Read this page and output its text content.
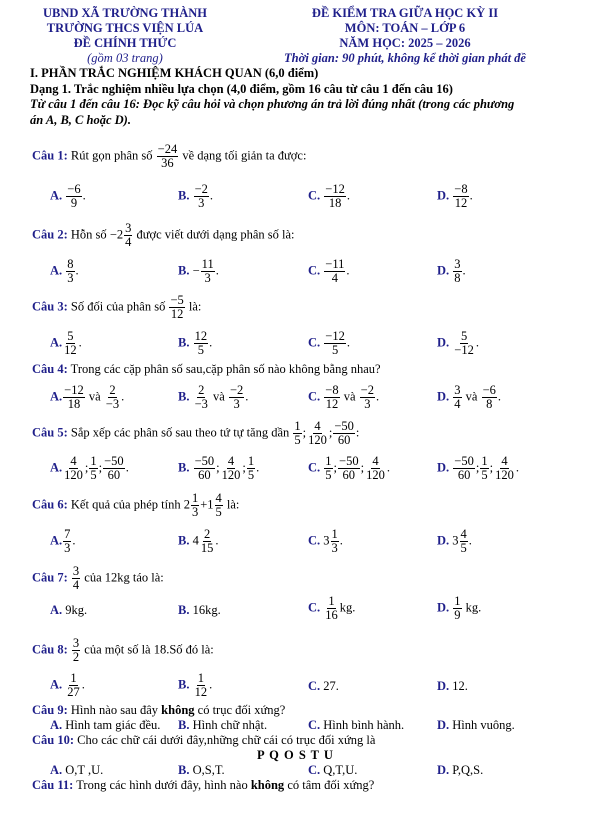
UBND XÃ TRƯỜNG THÀNH
TRƯỜNG THCS VIỆN LÚA
ĐỀ CHÍNH THỨC
(gồm 03 trang)
ĐỀ KIỂM TRA GIỮA HỌC KỲ II
MÔN: TOÁN – LỚP 6
NĂM HỌC: 2025 – 2026
Thời gian: 90 phút, không kể thời gian phát đề
I. PHẦN TRẮC NGHIỆM KHÁCH QUAN (6,0 điểm)
Dạng 1. Trắc nghiệm nhiều lựa chọn (4,0 điểm, gồm 16 câu từ câu 1 đến câu 16)
Từ câu 1 đến câu 16: Đọc kỹ câu hỏi và chọn phương án trả lời đúng nhất (trong các phương
án A, B, C hoặc D).
Câu 1: Rút gọn phân số $\frac{-24}{36}$ về dạng tối giản ta được:
A. $\frac{-6}{9}$ .	B. $\frac{-2}{3}$ .	C. $\frac{-12}{18}$ .	D. $\frac{-8}{12}$ .
Câu 2: Hỗn số $-2 \frac{3}{4}$ được viết dưới dạng phân số là:
A. $\frac{8}{3}$ .	B. − $\frac{11}{3}$ .	C. $\frac{-11}{4}$ .	D. $\frac{3}{8}$ .
Câu 3: Số đối của phân số $\frac{-5}{12}$ là:
A. $\frac{5}{12}$ .	B. $\frac{12}{5}$ .	C. $\frac{-12}{5}$ .	D. $\frac{5}{-12}$ .
Câu 4: Trong các cặp phân số sau,cặp phân số nào không bằng nhau?
A. $\frac{-12}{18}$ và $\frac{2}{-3}$ .	B. $\frac{2}{-3}$ và $\frac{-2}{3}$ .	C. $\frac{-8}{12}$ và $\frac{-2}{3}$ .	D. $\frac{3}{4}$ và $\frac{-6}{8}$ .
Câu 5: Sắp xếp các phân số sau theo tứ tự tăng dần $\frac{1}{5}$ ; $\frac{4}{120}$ ; $\frac{-50}{60}$ :
A. $\frac{4}{120}$ ; $\frac{1}{5}$ ; $\frac{-50}{60}$ .	B. $\frac{-50}{60}$ ; $\frac{4}{120}$ ; $\frac{1}{5}$ .	C. $\frac{1}{5}$ ; $\frac{-50}{60}$ ; $\frac{4}{120}$ .	D. $\frac{-50}{60}$ ; $\frac{1}{5}$ ; $\frac{4}{120}$ .
Câu 6: Kết quả của phép tính $2 \frac{1}{3} +1 \frac{4}{5}$ là:
A. $\frac{7}{3}$ .	B. $4 \frac{2}{15}$ .	C. $3 \frac{1}{3}$ .	D. $3 \frac{4}{5}$ .
Câu 7: $\frac{3}{4}$ của 12kg táo là:
A. 9kg.	B. 16kg.	C. $\frac{1}{16}$ kg.	D. $\frac{1}{9}$ kg.
Câu 8: $\frac{3}{2}$ của một số là 18.Số đó là:
A. $\frac{1}{27}$ .	B. $\frac{1}{12}$ .	C. 27.	D. 12.
Câu 9: Hình nào sau đây không có trục đối xứng?
A. Hình tam giác đều. B. Hình chữ nhật.	C. Hình bình hành.	D. Hình vuông.
Câu 10: Cho các chữ cái dưới đây,những chữ cái có trục đối xứng là
P Q O S T U
A. O,T ,U.	B. O,S,T.	C. Q,T,U.	D. P,Q,S.
Câu 11: Trong các hình dưới đây, hình nào không có tâm đối xứng?
